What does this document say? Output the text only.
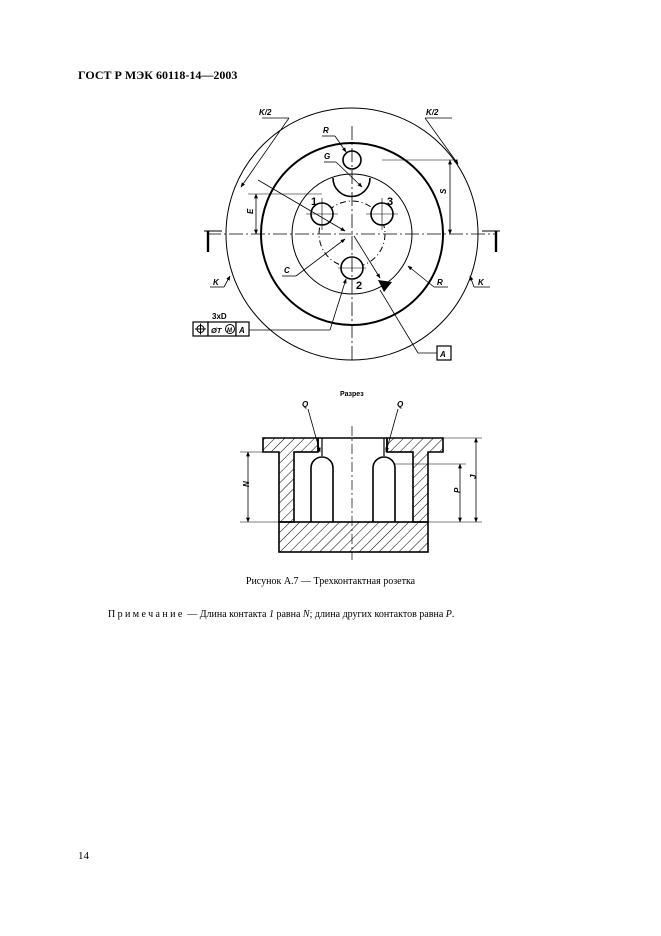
ГОСТ Р МЭК 60118-14—2003
K/2	K/2
R
G
E
S
C
R
K	K
1	3
2
3xD
ØT M A
A
Разрез
Q	Q
N
P
J
Рисунок А.7 — Трехконтактная розетка
Примечание — Длина контакта 1 равна N; длина других контактов равна P.
14
